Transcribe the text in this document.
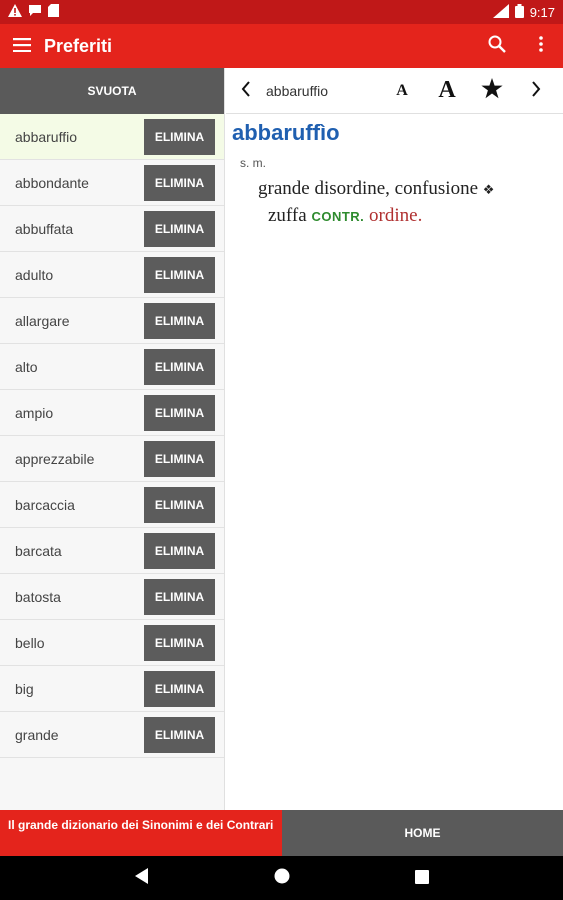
9:17
Preferiti
SVUOTA
abbaruffio	ELIMINA
abbondante	ELIMINA
abbuffata	ELIMINA
adulto	ELIMINA
allargare	ELIMINA
alto	ELIMINA
ampio	ELIMINA
apprezzabile	ELIMINA
barcaccia	ELIMINA
barcata	ELIMINA
batosta	ELIMINA
bello	ELIMINA
big	ELIMINA
grande	ELIMINA
abbaruffio	A	A
abbaruffìo
s. m.
grande disordine, confusione ❖
zuffa CONTR. ordine.
Il grande dizionario dei Sinonimi e dei Contrari
HOME
